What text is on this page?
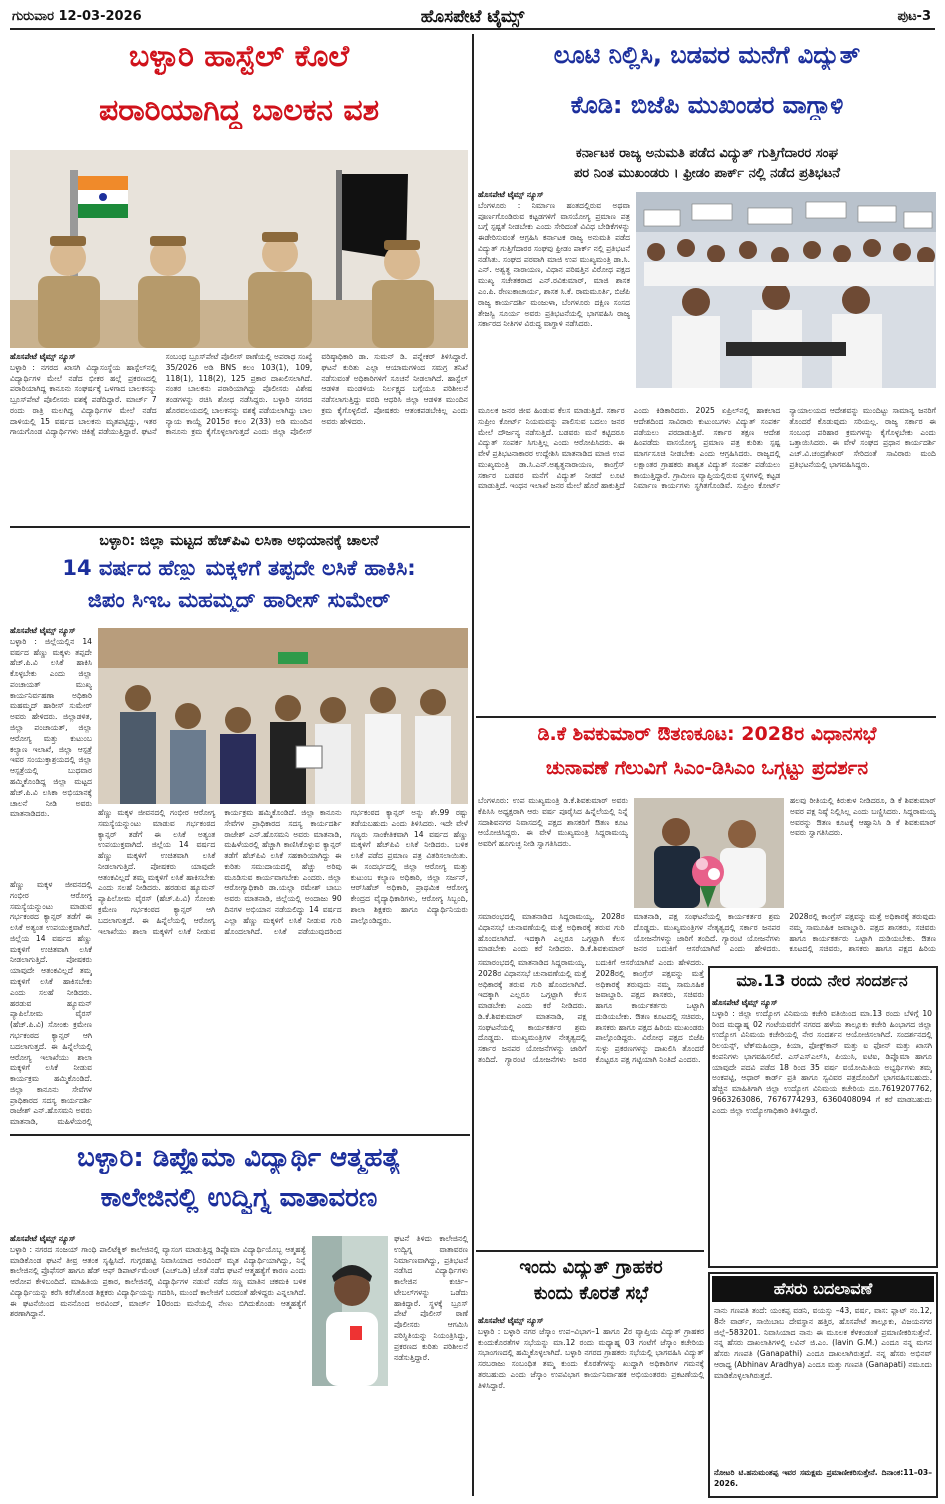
ಗುರುವಾರ 12-03-2026	ಹೊಸಪೇಟೆ ಟೈಮ್ಸ್	ಪುಟ-3
ಬಳ್ಳಾರಿ ಹಾಸ್ಟೆಲ್ ಕೊಲೆ
ಪರಾರಿಯಾಗಿದ್ದ ಬಾಲಕನ ವಶ
ಹೊಸಪೇಟೆ ಟೈಮ್ಸ್ ನ್ಯೂಸ್
ಬಳ್ಳಾರಿ : ನಗರದ ಖಾಸಗಿ ವಿದ್ಯಾಸಂಸ್ಥೆಯ ಹಾಸ್ಟೆಲ್‌ನಲ್ಲಿ ವಿದ್ಯಾರ್ಥಿಗಳ ಮೇಲೆ ನಡೆದ ಭೀಕರ ಹಲ್ಲೆ ಪ್ರಕರಣದಲ್ಲಿ ಪರಾರಿಯಾಗಿದ್ದ ಕಾನೂನು ಸಂಘರ್ಷಕ್ಕೆ ಒಳಗಾದ ಬಾಲಕನನ್ನು ಬ್ರೂಸ್‌ಪೇಟೆ ಪೊಲೀಸರು ವಶಕ್ಕೆ ಪಡೆದಿದ್ದಾರೆ. ಮಾರ್ಚ್ 7 ರಂದು ರಾತ್ರಿ ಮಲಗಿದ್ದ ವಿದ್ಯಾರ್ಥಿಗಳ ಮೇಲೆ ನಡೆದ ದಾಳಿಯಲ್ಲಿ 15 ವರ್ಷದ ಬಾಲಕನು ಮೃತಪಟ್ಟಿದ್ದು, ಇತರ ಗಾಯಗೊಂಡ ವಿದ್ಯಾರ್ಥಿಗಳು ಚಿಕಿತ್ಸೆ ಪಡೆಯುತ್ತಿದ್ದಾರೆ. ಘಟನೆ ಸಂಬಂಧ ಬ್ರೂಸ್‌ಪೇಟೆ ಪೊಲೀಸ್ ಠಾಣೆಯಲ್ಲಿ ಅಪರಾಧ ಸಂಖ್ಯೆ 35/2026 ಅಡಿ BNS ಕಲಂ 103(1), 109, 118(1), 118(2), 125 ಪ್ರಕಾರ ದಾಖಲಿಸಲಾಗಿದೆ. ನಂತರ ಬಾಲಕನು ಪರಾರಿಯಾಗಿದ್ದು ಪೊಲೀಸರು ವಿಶೇಷ ತಂಡಗಳನ್ನು ರಚಿಸಿ ಶೋಧ ನಡೆಸಿದ್ದರು. ಬಳ್ಳಾರಿ ನಗರದ ಹೊರವಲಯದಲ್ಲಿ ಬಾಲಕನನ್ನು ವಶಕ್ಕೆ ಪಡೆಯಲಾಗಿದ್ದು ಬಾಲ ನ್ಯಾಯ ಕಾಯ್ದೆ 2015ರ ಕಲಂ 2(33) ಅಡಿ ಮುಂದಿನ ಕಾನೂನು ಕ್ರಮ ಕೈಗೊಳ್ಳಲಾಗುತ್ತದೆ ಎಂದು ಜಿಲ್ಲಾ ಪೊಲೀಸ್ ವರಿಷ್ಠಾಧಿಕಾರಿ ಡಾ. ಸುಮನ್ ಡಿ. ಪನ್ನೇಕರ್ ತಿಳಿಸಿದ್ದಾರೆ. ಘಟನೆ ಕುರಿತು ಎಲ್ಲಾ ಆಯಾಮಗಳಿಂದ ಸಮಗ್ರ ತನಿಖೆ ನಡೆಸುವಂತೆ ಅಧಿಕಾರಿಗಳಿಗೆ ಸೂಚನೆ ನೀಡಲಾಗಿದೆ. ಹಾಸ್ಟೆಲ್ ಆಡಳಿತ ಮಂಡಳಿಯ ನಿರ್ಲಕ್ಷ್ಯದ ಬಗ್ಗೆಯೂ ಪರಿಶೀಲನೆ ನಡೆಸಲಾಗುತ್ತಿದ್ದು ವರದಿ ಆಧರಿಸಿ ಜಿಲ್ಲಾ ಆಡಳಿತ ಮುಂದಿನ ಕ್ರಮ ಕೈಗೊಳ್ಳಲಿದೆ. ಪೋಷಕರು ಆತಂಕಪಡಬೇಕಿಲ್ಲ ಎಂದು ಅವರು ಹೇಳಿದರು.
ಬಳ್ಳಾರಿ: ಜಿಲ್ಲಾ ಮಟ್ಟದ ಹೆಚ್‌ಪಿವಿ ಲಸಿಕಾ ಅಭಿಯಾನಕ್ಕೆ ಚಾಲನೆ
14 ವರ್ಷದ ಹೆಣ್ಣು ಮಕ್ಕಳಿಗೆ ತಪ್ಪದೇ ಲಸಿಕೆ ಹಾಕಿಸಿ:
ಜಿಪಂ ಸಿಇಒ ಮಹಮ್ಮದ್ ಹಾರೀಸ್ ಸುಮೇರ್
ಹೊಸಪೇಟೆ ಟೈಮ್ಸ್ ನ್ಯೂಸ್
ಬಳ್ಳಾರಿ : ಜಿಲ್ಲೆಯಲ್ಲಿನ 14 ವರ್ಷದ ಹೆಣ್ಣು ಮಕ್ಕಳು ತಪ್ಪದೇ ಹೆಚ್.ಪಿ.ವಿ ಲಸಿಕೆ ಹಾಕಿಸಿ ಕೊಳ್ಳಬೇಕು ಎಂದು ಜಿಲ್ಲಾ ಪಂಚಾಯತ್ ಮುಖ್ಯ ಕಾರ್ಯನಿರ್ವಹಣಾ ಅಧಿಕಾರಿ ಮಹಮ್ಮದ್ ಹಾರೀಸ್ ಸುಮೇರ್ ಅವರು ಹೇಳಿದರು. ಜಿಲ್ಲಾಡಳಿತ, ಜಿಲ್ಲಾ ಪಂಚಾಯತ್, ಜಿಲ್ಲಾ ಆರೋಗ್ಯ ಮತ್ತು ಕುಟುಂಬ ಕಲ್ಯಾಣ ಇಲಾಖೆ, ಜಿಲ್ಲಾ ಆಸ್ಪತ್ರೆ ಇವರ ಸಂಯುಕ್ತಾಶ್ರಯದಲ್ಲಿ ಜಿಲ್ಲಾ ಆಸ್ಪತ್ರೆಯಲ್ಲಿ ಬುಧವಾರ ಹಮ್ಮಿಕೊಂಡಿದ್ದ ಜಿಲ್ಲಾ ಮಟ್ಟದ ಹೆಚ್.ಪಿ.ವಿ ಲಸಿಕಾ ಅಭಿಯಾನಕ್ಕೆ ಚಾಲನೆ ನೀಡಿ ಅವರು ಮಾತನಾಡಿದರು.	ಹೆಣ್ಣು ಮಕ್ಕಳ ಜೀವನದಲ್ಲಿ ಗಂಭೀರ ಆರೋಗ್ಯ ಸಮಸ್ಯೆಯನ್ನುಂಟು ಮಾಡುವ ಗರ್ಭಕಂಠದ ಕ್ಯಾನ್ಸರ್ ತಡೆಗೆ ಈ ಲಸಿಕೆ ಅತ್ಯಂತ ಉಪಯುಕ್ತವಾಗಿದೆ. ಜಿಲ್ಲೆಯ 14 ವರ್ಷದ ಹೆಣ್ಣು ಮಕ್ಕಳಿಗೆ ಉಚಿತವಾಗಿ ಲಸಿಕೆ ನೀಡಲಾಗುತ್ತಿದೆ. ಪೋಷಕರು ಯಾವುದೇ ಆತಂಕವಿಲ್ಲದೆ ತಮ್ಮ ಮಕ್ಕಳಿಗೆ ಲಸಿಕೆ ಹಾಕಿಸಬೇಕು ಎಂದು ಸಲಹೆ ನೀಡಿದರು. ಹರಡುವ ಹ್ಯೂಮನ್ ಪ್ಯಾಪಿಲೋಮ ವೈರಸ್ (ಹೆಚ್.ಪಿ.ವಿ) ಸೋಂಕು ಕ್ರಮೇಣ ಗರ್ಭಕಂಠದ ಕ್ಯಾನ್ಸರ್ ಆಗಿ ಬದಲಾಗುತ್ತದೆ. ಈ ಹಿನ್ನೆಲೆಯಲ್ಲಿ ಆರೋಗ್ಯ ಇಲಾಖೆಯು ಶಾಲಾ ಮಕ್ಕಳಿಗೆ ಲಸಿಕೆ ನೀಡುವ ಕಾರ್ಯಕ್ರಮ ಹಮ್ಮಿಕೊಂಡಿದೆ. ಜಿಲ್ಲಾ ಕಾನೂನು ಸೇವೆಗಳ ಪ್ರಾಧಿಕಾರದ ಸದಸ್ಯ ಕಾರ್ಯದರ್ಶಿ ರಾಜೇಶ್ ಎನ್.ಹೊಸಮನಿ ಅವರು ಮಾತನಾಡಿ, ಮಹಿಳೆಯರಲ್ಲಿ ಹೆಚ್ಚಾಗಿ ಕಾಣಿಸಿಕೊಳ್ಳುವ ಕ್ಯಾನ್ಸರ್ ತಡೆಗೆ ಹೆಚ್‌ಪಿವಿ ಲಸಿಕೆ ಸಹಕಾರಿಯಾಗಿದ್ದು ಈ ಕುರಿತು ಸಮುದಾಯದಲ್ಲಿ ಹೆಚ್ಚು ಅರಿವು ಮೂಡಿಸುವ ಕಾರ್ಯವಾಗಬೇಕು ಎಂದರು. ಜಿಲ್ಲಾ ಆರೋಗ್ಯಾಧಿಕಾರಿ ಡಾ.ಯಲ್ಲಾ ರಮೇಶ್ ಬಾಬು ಅವರು ಮಾತನಾಡಿ, ಜಿಲ್ಲೆಯಲ್ಲಿ ಅಂದಾಜು 90 ದಿನಗಳ ಅಭಿಯಾನ ನಡೆಯಲಿದ್ದು 14 ವರ್ಷದ ಎಲ್ಲಾ ಹೆಣ್ಣು ಮಕ್ಕಳಿಗೆ ಲಸಿಕೆ ನೀಡುವ ಗುರಿ ಹೊಂದಲಾಗಿದೆ. ಲಸಿಕೆ ಪಡೆಯುವುದರಿಂದ ಗರ್ಭಕಂಠದ ಕ್ಯಾನ್ಸರ್ ಅನ್ನು ಶೇ.99 ರಷ್ಟು ತಡೆಯಬಹುದು ಎಂದು ತಿಳಿಸಿದರು. ಇದೇ ವೇಳೆ ಗಣ್ಯರು ಸಾಂಕೇತಿಕವಾಗಿ 14 ವರ್ಷದ ಹೆಣ್ಣು ಮಕ್ಕಳಿಗೆ ಹೆಚ್‌ಪಿವಿ ಲಸಿಕೆ ನೀಡಿದರು. ಬಳಿಕ ಲಸಿಕೆ ಪಡೆದ ಪ್ರಮಾಣ ಪತ್ರ ವಿತರಿಸಲಾಯಿತು. ಈ ಸಂದರ್ಭದಲ್ಲಿ ಜಿಲ್ಲಾ ಆರೋಗ್ಯ ಮತ್ತು ಕುಟುಂಬ ಕಲ್ಯಾಣ ಅಧಿಕಾರಿ, ಜಿಲ್ಲಾ ಸರ್ಜನ್, ಆರ್‌ಸಿಹೆಚ್ ಅಧಿಕಾರಿ, ಪ್ರಾಥಮಿಕ ಆರೋಗ್ಯ ಕೇಂದ್ರದ ವೈದ್ಯಾಧಿಕಾರಿಗಳು, ಆರೋಗ್ಯ ಸಿಬ್ಬಂದಿ, ಶಾಲಾ ಶಿಕ್ಷಕರು ಹಾಗೂ ವಿದ್ಯಾರ್ಥಿನಿಯರು ಪಾಲ್ಗೊಂಡಿದ್ದರು.
ಹೆಣ್ಣು ಮಕ್ಕಳ ಜೀವನದಲ್ಲಿ ಗಂಭೀರ ಆರೋಗ್ಯ ಸಮಸ್ಯೆಯನ್ನುಂಟು ಮಾಡುವ ಗರ್ಭಕಂಠದ ಕ್ಯಾನ್ಸರ್ ತಡೆಗೆ ಈ ಲಸಿಕೆ ಅತ್ಯಂತ ಉಪಯುಕ್ತವಾಗಿದೆ. ಜಿಲ್ಲೆಯ 14 ವರ್ಷದ ಹೆಣ್ಣು ಮಕ್ಕಳಿಗೆ ಉಚಿತವಾಗಿ ಲಸಿಕೆ ನೀಡಲಾಗುತ್ತಿದೆ. ಪೋಷಕರು ಯಾವುದೇ ಆತಂಕವಿಲ್ಲದೆ ತಮ್ಮ ಮಕ್ಕಳಿಗೆ ಲಸಿಕೆ ಹಾಕಿಸಬೇಕು ಎಂದು ಸಲಹೆ ನೀಡಿದರು. ಹರಡುವ ಹ್ಯೂಮನ್ ಪ್ಯಾಪಿಲೋಮ ವೈರಸ್ (ಹೆಚ್.ಪಿ.ವಿ) ಸೋಂಕು ಕ್ರಮೇಣ ಗರ್ಭಕಂಠದ ಕ್ಯಾನ್ಸರ್ ಆಗಿ ಬದಲಾಗುತ್ತದೆ. ಈ ಹಿನ್ನೆಲೆಯಲ್ಲಿ ಆರೋಗ್ಯ ಇಲಾಖೆಯು ಶಾಲಾ ಮಕ್ಕಳಿಗೆ ಲಸಿಕೆ ನೀಡುವ ಕಾರ್ಯಕ್ರಮ ಹಮ್ಮಿಕೊಂಡಿದೆ. ಜಿಲ್ಲಾ ಕಾನೂನು ಸೇವೆಗಳ ಪ್ರಾಧಿಕಾರದ ಸದಸ್ಯ ಕಾರ್ಯದರ್ಶಿ ರಾಜೇಶ್ ಎನ್.ಹೊಸಮನಿ ಅವರು ಮಾತನಾಡಿ, ಮಹಿಳೆಯರಲ್ಲಿ
ಬಳ್ಳಾರಿ: ಡಿಪ್ಲೊಮಾ ವಿದ್ಯಾರ್ಥಿ ಆತ್ಮಹತ್ಯೆ
ಕಾಲೇಜಿನಲ್ಲಿ ಉದ್ವಿಗ್ನ ವಾತಾವರಣ
ಹೊಸಪೇಟೆ ಟೈಮ್ಸ್ ನ್ಯೂಸ್
ಬಳ್ಳಾರಿ : ನಗರದ ಸಂಜಯ್ ಗಾಂಧಿ ಪಾಲಿಟೆಕ್ನಿಕ್ ಕಾಲೇಜಿನಲ್ಲಿ ವ್ಯಾಸಂಗ ಮಾಡುತ್ತಿದ್ದ ಡಿಪ್ಲೊಮಾ ವಿದ್ಯಾರ್ಥಿಯೊಬ್ಬ ಆತ್ಮಹತ್ಯೆ ಮಾಡಿಕೊಂಡ ಘಟನೆ ತೀವ್ರ ಆತಂಕ ಸೃಷ್ಟಿಸಿದೆ. ಗುಗ್ಗರಹಟ್ಟಿ ನಿವಾಸಿಯಾದ ಅರವಿಂದ್ ಮೃತ ವಿದ್ಯಾರ್ಥಿಯಾಗಿದ್ದು, ನಿನ್ನೆ ಕಾಲೇಜಿನಲ್ಲಿ ಪ್ರೊಫೆಸರ್ ಹಾಗೂ ಹೆಡ್ ಆಫ್ ಡಿಪಾರ್ಟ್‌ಮೆಂಟ್ (ಎಚ್‌ಒಡಿ) ಜೊತೆ ನಡೆದ ಘಟನೆ ಆತ್ಮಹತ್ಯೆಗೆ ಕಾರಣ ಎಂದು ಆರೋಪ ಕೇಳಿಬಂದಿದೆ. ಮಾಹಿತಿಯ ಪ್ರಕಾರ, ಕಾಲೇಜಿನಲ್ಲಿ ವಿದ್ಯಾರ್ಥಿಗಳ ನಡುವೆ ನಡೆದ ಸಣ್ಣ ಮಾತಿನ ಚಕಮಕಿ ಬಳಿಕ ವಿದ್ಯಾರ್ಥಿಯನ್ನು ಕರೆಸಿ ಕರೆಸಿಕೊಂಡ ಶಿಕ್ಷಕರು ವಿದ್ಯಾರ್ಥಿಯನ್ನು ಗದರಿಸಿ, ಮುಂದೆ ಕಾಲೇಜಿಗೆ ಬರದಂತೆ ಹೇಳಿದ್ದರು ಎನ್ನಲಾಗಿದೆ. ಈ ಘಟನೆಯಿಂದ ಮನನೊಂದ ಅರವಿಂದ್, ಮಾರ್ಚ್ 10ರಂದು ಮನೆಯಲ್ಲಿ ನೇಣು ಬಿಗಿದುಕೊಂಡು ಆತ್ಮಹತ್ಯೆಗೆ ಶರಣಾಗಿದ್ದಾನೆ.
ಘಟನೆ ತಿಳಿದು ಕಾಲೇಜಿನಲ್ಲಿ ಉದ್ವಿಗ್ನ ವಾತಾವರಣ ನಿರ್ಮಾಣವಾಗಿದ್ದು, ಪ್ರತಿಭಟನೆ ನಡೆಸಿದ ವಿದ್ಯಾರ್ಥಿಗಳು ಕಾಲೇಜಿನ ಕುರ್ಚಿ–ಟೇಬಲ್‌ಗಳನ್ನು ಒಡೆದು ಹಾಕಿದ್ದಾರೆ. ಸ್ಥಳಕ್ಕೆ ಬ್ರೂಸ್ ಪೇಟೆ ಪೊಲೀಸ್ ಠಾಣೆ ಪೊಲೀಸರು ಆಗಮಿಸಿ ಪರಿಸ್ಥಿತಿಯನ್ನು ನಿಯಂತ್ರಿಸಿದ್ದು, ಪ್ರಕರಣದ ಕುರಿತು ಪರಿಶೀಲನೆ ನಡೆಸುತ್ತಿದ್ದಾರೆ.
ಲೂಟಿ ನಿಲ್ಲಿಸಿ, ಬಡವರ ಮನೆಗೆ ವಿದ್ಯುತ್
ಕೊಡಿ: ಬಿಜೆಪಿ ಮುಖಂಡರ ವಾಗ್ದಾಳಿ
ಕರ್ನಾಟಕ ರಾಜ್ಯ ಅನುಮತಿ ಪಡೆದ ವಿದ್ಯುತ್ ಗುತ್ತಿಗೆದಾರರ ಸಂಘ
ಪರ ನಿಂತ ಮುಖಂಡರು । ಫ್ರೀಡಂ ಪಾರ್ಕ್ ನಲ್ಲಿ ನಡೆದ ಪ್ರತಿಭಟನೆ
ಹೊಸಪೇಟೆ ಟೈಮ್ಸ್ ನ್ಯೂಸ್
ಬೆಂಗಳೂರು : ನಿರ್ಮಾಣ ಹಂತದಲ್ಲಿರುವ ಅಥವಾ ಪೂರ್ಣಗೊಂಡಿರುವ ಕಟ್ಟಡಗಳಿಗೆ ವಾಸಯೋಗ್ಯ ಪ್ರಮಾಣ ಪತ್ರ ಬಗ್ಗೆ ಸ್ಪಷ್ಟತೆ ನೀಡಬೇಕು ಎಂದು ಸೇರಿದಂತೆ ವಿವಿಧ ಬೇಡಿಕೆಗಳನ್ನು ಈಡೇರಿಸುವಂತೆ ಆಗ್ರಹಿಸಿ ಕರ್ನಾಟಕ ರಾಜ್ಯ ಅನುಮತಿ ಪಡೆದ ವಿದ್ಯುತ್ ಗುತ್ತಿಗೆದಾರರ ಸಂಘವು ಫ್ರೀಡಂ ಪಾರ್ಕ್ ನಲ್ಲಿ ಪ್ರತಿಭಟನೆ ನಡೆಸಿತು. ಸಂಘದ ಪರವಾಗಿ ಮಾಜಿ ಉಪ ಮುಖ್ಯಮಂತ್ರಿ ಡಾ.ಸಿ. ಎನ್. ಅಶ್ವತ್ಥ ನಾರಾಯಣ, ವಿಧಾನ ಪರಿಷತ್ತಿನ ವಿರೋಧ ಪಕ್ಷದ ಮುಖ್ಯ ಸಚೇತಕರಾದ ಎನ್.ರವಿಕುಮಾರ್, ಮಾಜಿ ಶಾಸಕ ಎಂ.ಪಿ. ರೇಣುಕಾಚಾರ್ಯ, ಶಾಸಕ ಸಿ.ಕೆ. ರಾಮಮೂರ್ತಿ, ಬಿಜೆಪಿ ರಾಜ್ಯ ಕಾರ್ಯದರ್ಶಿ ಮಂಜುಳಾ, ಬೆಂಗಳೂರು ದಕ್ಷಿಣ ಸಂಸದ ತೇಜಸ್ವಿ ಸೂರ್ಯ ಅವರು ಪ್ರತಿಭಟನೆಯಲ್ಲಿ ಭಾಗವಹಿಸಿ ರಾಜ್ಯ ಸರ್ಕಾರದ ನೀತಿಗಳ ವಿರುದ್ಧ ವಾಗ್ದಾಳಿ ನಡೆಸಿದರು.
ಮೂಲಕ ಜನರ ಜೀವ ಹಿಂಡುವ ಕೆಲಸ ಮಾಡುತ್ತಿದೆ. ಸರ್ಕಾರ ಸುಪ್ರೀಂ ಕೋರ್ಟ್ ನಿಯಮವನ್ನು ಪಾಲಿಸುವ ಬದಲು ಜನರ ಮೇಲೆ ದೌರ್ಜನ್ಯ ನಡೆಸುತ್ತಿದೆ. ಬಡವರು ಮನೆ ಕಟ್ಟಿದರೂ ವಿದ್ಯುತ್ ಸಂಪರ್ಕ ಸಿಗುತ್ತಿಲ್ಲ ಎಂದು ಆರೋಪಿಸಿದರು. ಈ ವೇಳೆ ಪ್ರತಿಭಟನಾಕಾರರ ಉದ್ದೇಶಿಸಿ ಮಾತನಾಡಿದ ಮಾಜಿ ಉಪ ಮುಖ್ಯಮಂತ್ರಿ ಡಾ.ಸಿ.ಎನ್.ಅಶ್ವತ್ಥನಾರಾಯಣ, ಕಾಂಗ್ರೆಸ್ ಸರ್ಕಾರ ಬಡವರ ಮನೆಗೆ ವಿದ್ಯುತ್ ನೀಡದೆ ಲೂಟಿ ಮಾಡುತ್ತಿದೆ. ಇಂಧನ ಇಲಾಖೆ ಜನರ ಮೇಲೆ ಹೊರೆ ಹಾಕುತ್ತಿದೆ ಎಂದು ಕಿಡಿಕಾರಿದರು. 2025 ಏಪ್ರಿಲ್‌ನಲ್ಲಿ ಹಾಕಲಾದ ಆದೇಶದಿಂದ ಸಾವಿರಾರು ಕುಟುಂಬಗಳು ವಿದ್ಯುತ್ ಸಂಪರ್ಕ ಪಡೆಯಲು ಪರದಾಡುತ್ತಿವೆ. ಸರ್ಕಾರ ತಕ್ಷಣ ಆದೇಶ ಹಿಂಪಡೆದು ವಾಸಯೋಗ್ಯ ಪ್ರಮಾಣ ಪತ್ರ ಕುರಿತು ಸ್ಪಷ್ಟ ಮಾರ್ಗಸೂಚಿ ನೀಡಬೇಕು ಎಂದು ಆಗ್ರಹಿಸಿದರು. ರಾಜ್ಯದಲ್ಲಿ ಲಕ್ಷಾಂತರ ಗ್ರಾಹಕರು ಶಾಶ್ವತ ವಿದ್ಯುತ್ ಸಂಪರ್ಕ ಪಡೆಯಲು ಕಾಯುತ್ತಿದ್ದಾರೆ. ಗ್ರಾಮೀಣ ವ್ಯಾಪ್ತಿಯಲ್ಲಿರುವ ಸ್ಥಳಗಳಲ್ಲಿ ಕಟ್ಟಡ ನಿರ್ಮಾಣ ಕಾರ್ಯಗಳು ಸ್ಥಗಿತಗೊಂಡಿವೆ. ಸುಪ್ರೀಂ ಕೋರ್ಟ್ ನ್ಯಾಯಾಲಯದ ಆದೇಶವನ್ನು ಮುಂದಿಟ್ಟು ಸಾಮಾನ್ಯ ಜನರಿಗೆ ತೊಂದರೆ ಕೊಡುವುದು ಸರಿಯಲ್ಲ. ರಾಜ್ಯ ಸರ್ಕಾರ ಈ ಸಂಬಂಧ ಪರಿಹಾರ ಕ್ರಮಗಳನ್ನು ಕೈಗೊಳ್ಳಬೇಕು ಎಂದು ಒತ್ತಾಯಿಸಿದರು. ಈ ವೇಳೆ ಸಂಘದ ಪ್ರಧಾನ ಕಾರ್ಯದರ್ಶಿ ಎಚ್.ವಿ.ಚಂದ್ರಶೇಖರ್ ಸೇರಿದಂತೆ ಸಾವಿರಾರು ಮಂದಿ ಪ್ರತಿಭಟನೆಯಲ್ಲಿ ಭಾಗವಹಿಸಿದ್ದರು.
ಡಿ.ಕೆ ಶಿವಕುಮಾರ್ ಔತಣಕೂಟ: 2028ರ ವಿಧಾನಸಭೆ
ಚುನಾವಣೆ ಗೆಲುವಿಗೆ ಸಿಎಂ-ಡಿಸಿಎಂ ಒಗ್ಗಟ್ಟು ಪ್ರದರ್ಶನ
ಬೆಂಗಳೂರು: ಉಪ ಮುಖ್ಯಮಂತ್ರಿ ಡಿ.ಕೆ.ಶಿವಕುಮಾರ್ ಅವರು ಕೆಪಿಸಿಸಿ ಅಧ್ಯಕ್ಷರಾಗಿ ಆರು ವರ್ಷ ಪೂರೈಸಿದ ಹಿನ್ನೆಲೆಯಲ್ಲಿ ನಿನ್ನೆ ಸದಾಶಿವನಗರ ನಿವಾಸದಲ್ಲಿ ಪಕ್ಷದ ಶಾಸಕರಿಗೆ ಔತಣ ಕೂಟ ಆಯೋಜಿಸಿದ್ದರು. ಈ ವೇಳೆ ಮುಖ್ಯಮಂತ್ರಿ ಸಿದ್ದರಾಮಯ್ಯ ಅವರಿಗೆ ಹೂಗುಚ್ಛ ನೀಡಿ ಸ್ವಾಗತಿಸಿದರು.
ಹಲವು ರೀತಿಯಲ್ಲಿ ಕಿರುಕುಳ ನೀಡಿದರೂ, ಡಿ ಕೆ ಶಿವಕುಮಾರ್ ಅವರ ಪಕ್ಷ ನಿಷ್ಠೆ ನಿಲ್ಲಿಸಿಲ್ಲ ಎಂದು ಬಣ್ಣಿಸಿದರು. ಸಿದ್ದರಾಮಯ್ಯ ಅವರನ್ನು ಔತಣ ಕೂಟಕ್ಕೆ ಆಹ್ವಾನಿಸಿ ಡಿ ಕೆ ಶಿವಕುಮಾರ್ ಅವರು ಸ್ವಾಗತಿಸಿದರು.
ಸಮಾರಂಭದಲ್ಲಿ ಮಾತನಾಡಿದ ಸಿದ್ದರಾಮಯ್ಯ, 2028ರ ವಿಧಾನಸಭೆ ಚುನಾವಣೆಯಲ್ಲಿ ಮತ್ತೆ ಅಧಿಕಾರಕ್ಕೆ ತರುವ ಗುರಿ ಹೊಂದಲಾಗಿದೆ. ಇದಕ್ಕಾಗಿ ಎಲ್ಲರೂ ಒಗ್ಗಟ್ಟಾಗಿ ಕೆಲಸ ಮಾಡಬೇಕು ಎಂದು ಕರೆ ನೀಡಿದರು. ಡಿ.ಕೆ.ಶಿವಕುಮಾರ್ ಮಾತನಾಡಿ, ಪಕ್ಷ ಸಂಘಟನೆಯಲ್ಲಿ ಕಾರ್ಯಕರ್ತರ ಶ್ರಮ ದೊಡ್ಡದು. ಮುಖ್ಯಮಂತ್ರಿಗಳ ನೇತೃತ್ವದಲ್ಲಿ ಸರ್ಕಾರ ಜನಪರ ಯೋಜನೆಗಳನ್ನು ಜಾರಿಗೆ ತಂದಿದೆ. ಗ್ಯಾರಂಟಿ ಯೋಜನೆಗಳು ಜನರ ಬದುಕಿಗೆ ಆಸರೆಯಾಗಿವೆ ಎಂದು ಹೇಳಿದರು. 2028ರಲ್ಲಿ ಕಾಂಗ್ರೆಸ್ ಪಕ್ಷವನ್ನು ಮತ್ತೆ ಅಧಿಕಾರಕ್ಕೆ ತರುವುದು ನಮ್ಮ ಸಾಮೂಹಿಕ ಜವಾಬ್ದಾರಿ. ಪಕ್ಷದ ಶಾಸಕರು, ಸಚಿವರು ಹಾಗೂ ಕಾರ್ಯಕರ್ತರು ಒಟ್ಟಾಗಿ ದುಡಿಯಬೇಕು. ಔತಣ ಕೂಟದಲ್ಲಿ ಸಚಿವರು, ಶಾಸಕರು ಹಾಗೂ ಪಕ್ಷದ ಹಿರಿಯ
ಸಮಾರಂಭದಲ್ಲಿ ಮಾತನಾಡಿದ ಸಿದ್ದರಾಮಯ್ಯ, 2028ರ ವಿಧಾನಸಭೆ ಚುನಾವಣೆಯಲ್ಲಿ ಮತ್ತೆ ಅಧಿಕಾರಕ್ಕೆ ತರುವ ಗುರಿ ಹೊಂದಲಾಗಿದೆ. ಇದಕ್ಕಾಗಿ ಎಲ್ಲರೂ ಒಗ್ಗಟ್ಟಾಗಿ ಕೆಲಸ ಮಾಡಬೇಕು ಎಂದು ಕರೆ ನೀಡಿದರು. ಡಿ.ಕೆ.ಶಿವಕುಮಾರ್ ಮಾತನಾಡಿ, ಪಕ್ಷ ಸಂಘಟನೆಯಲ್ಲಿ ಕಾರ್ಯಕರ್ತರ ಶ್ರಮ ದೊಡ್ಡದು. ಮುಖ್ಯಮಂತ್ರಿಗಳ ನೇತೃತ್ವದಲ್ಲಿ ಸರ್ಕಾರ ಜನಪರ ಯೋಜನೆಗಳನ್ನು ಜಾರಿಗೆ ತಂದಿದೆ. ಗ್ಯಾರಂಟಿ ಯೋಜನೆಗಳು ಜನರ ಬದುಕಿಗೆ ಆಸರೆಯಾಗಿವೆ ಎಂದು ಹೇಳಿದರು. 2028ರಲ್ಲಿ ಕಾಂಗ್ರೆಸ್ ಪಕ್ಷವನ್ನು ಮತ್ತೆ ಅಧಿಕಾರಕ್ಕೆ ತರುವುದು ನಮ್ಮ ಸಾಮೂಹಿಕ ಜವಾಬ್ದಾರಿ. ಪಕ್ಷದ ಶಾಸಕರು, ಸಚಿವರು ಹಾಗೂ ಕಾರ್ಯಕರ್ತರು ಒಟ್ಟಾಗಿ ದುಡಿಯಬೇಕು. ಔತಣ ಕೂಟದಲ್ಲಿ ಸಚಿವರು, ಶಾಸಕರು ಹಾಗೂ ಪಕ್ಷದ ಹಿರಿಯ ಮುಖಂಡರು ಪಾಲ್ಗೊಂಡಿದ್ದರು. ವಿರೋಧ ಪಕ್ಷದ ಬಿಜೆಪಿ ಸುಳ್ಳು ಪ್ರಕರಣಗಳನ್ನು ದಾಖಲಿಸಿ ತೊಂದರೆ ಕೊಟ್ಟರೂ ಪಕ್ಷ ಗಟ್ಟಿಯಾಗಿ ನಿಂತಿದೆ ಎಂದರು.
ಮಾ.13 ರಂದು ನೇರ ಸಂದರ್ಶನ
ಹೊಸಪೇಟೆ ಟೈಮ್ಸ್ ನ್ಯೂಸ್
ಬಳ್ಳಾರಿ : ಜಿಲ್ಲಾ ಉದ್ಯೋಗ ವಿನಿಮಯ ಕಚೇರಿ ವತಿಯಿಂದ ಮಾ.13 ರಂದು ಬೆಳಿಗ್ಗೆ 10 ರಿಂದ ಮಧ್ಯಾಹ್ನ 02 ಗಂಟೆಯವರೆಗೆ ನಗರದ ಹಳೆಯ ತಾಲ್ಲೂಕು ಕಚೇರಿ ಹಿಂಭಾಗದ ಜಿಲ್ಲಾ ಉದ್ಯೋಗ ವಿನಿಮಯ ಕಚೇರಿಯಲ್ಲಿ ನೇರ ಸಂದರ್ಶನ ಆಯೋಜಿಸಲಾಗಿದೆ. ಸಂದರ್ಶನದಲ್ಲಿ ರಿಲಯನ್ಸ್, ಟೆಕ್‌ಮಹಿಂದ್ರಾ, ಕಿಯಾ, ಫೋಕ್ಸ್‌ಕಾನ್ ಮತ್ತು ಐ ಫೋನ್ ಮತ್ತು ಖಾಸಗಿ ಕಂಪನಿಗಳು ಭಾಗವಹಿಸಲಿವೆ. ಎಸ್‌ಎಸ್‌ಎಲ್‌ಸಿ, ಪಿಯುಸಿ, ಐಟಿಐ, ಡಿಪ್ಲೊಮಾ ಹಾಗೂ ಯಾವುದೇ ಪದವಿ ಪಡೆದ 18 ರಿಂದ 35 ವರ್ಷ ವಯೋಮಿತಿಯ ಅಭ್ಯರ್ಥಿಗಳು ತಮ್ಮ ಅಂಕಪಟ್ಟಿ, ಆಧಾರ್ ಕಾರ್ಡ್ ಪ್ರತಿ ಹಾಗೂ ಸ್ವವಿವರ ಪತ್ರದೊಂದಿಗೆ ಭಾಗವಹಿಸಬಹುದು. ಹೆಚ್ಚಿನ ಮಾಹಿತಿಗಾಗಿ ಜಿಲ್ಲಾ ಉದ್ಯೋಗ ವಿನಿಮಯ ಕಚೇರಿಯ ದೂ.7619207762, 9663263086, 7676774293, 6360408094 ಗೆ ಕರೆ ಮಾಡಬಹುದು ಎಂದು ಜಿಲ್ಲಾ ಉದ್ಯೋಗಾಧಿಕಾರಿ ತಿಳಿಸಿದ್ದಾರೆ.
ಇಂದು ವಿದ್ಯುತ್ ಗ್ರಾಹಕರ
ಕುಂದು ಕೊರತೆ ಸಭೆ
ಹೊಸಪೇಟೆ ಟೈಮ್ಸ್ ನ್ಯೂಸ್
ಬಳ್ಳಾರಿ : ಬಳ್ಳಾರಿ ನಗರ ಜೆಸ್ಕಾಂ ಉಪ–ವಿಭಾಗ–1 ಹಾಗೂ 2ರ ವ್ಯಾಪ್ತಿಯ ವಿದ್ಯುತ್ ಗ್ರಾಹಕರ ಕುಂದುಕೊರತೆಗಳ ಸಭೆಯನ್ನು ಮಾ.12 ರಂದು ಮಧ್ಯಾಹ್ನ 03 ಗಂಟೆಗೆ ಜೆಸ್ಕಾಂ ಕಚೇರಿಯ ಸಭಾಂಗಣದಲ್ಲಿ ಹಮ್ಮಿಕೊಳ್ಳಲಾಗಿದೆ. ಬಳ್ಳಾರಿ ನಗರದ ಗ್ರಾಹಕರು ಸಭೆಯಲ್ಲಿ ಭಾಗವಹಿಸಿ ವಿದ್ಯುತ್ ಸರಬರಾಜು ಸಂಬಂಧಿತ ತಮ್ಮ ಕುಂದು ಕೊರತೆಗಳನ್ನು ಖುದ್ದಾಗಿ ಅಧಿಕಾರಿಗಳ ಗಮನಕ್ಕೆ ತರಬಹುದು ಎಂದು ಜೆಸ್ಕಾಂ ಉಪವಿಭಾಗ ಕಾರ್ಯನಿರ್ವಾಹಕ ಅಭಿಯಂತರರು ಪ್ರಕಟಣೆಯಲ್ಲಿ ತಿಳಿಸಿದ್ದಾರೆ.
ಹೆಸರು ಬದಲಾವಣೆ
ನಾನು ಗಣಪತಿ ತಂದೆ: ಯಂಕಪ್ಪ ವಡನಿ, ವಯಸ್ಸು –43, ವರ್ಷ, ವಾಸ: ಫ್ಲಾಟ್ ನಂ.12, 8ನೇ ವಾರ್ಡ್, ಸಾಯಿಬಾಬ ದೇವಸ್ಥಾನ ಹತ್ತಿರ, ಹೊಸಪೇಟೆ ತಾಲ್ಲೂಕು, ವಿಜಯನಗರ ಜಿಲ್ಲೆ–583201. ನಿವಾಸಿಯಾದ ನಾನು ಈ ಮೂಲಕ ಕೆಳಕಂಡಂತೆ ಪ್ರಮಾಣೀಕರಿಸುತ್ತೇನೆ. ನನ್ನ ಹೆಸರು ದಾಖಲಾತಿಗಳಲ್ಲಿ ಲವಿನ್ ಜಿ.ಎಂ. (lavin G.M.) ಎಂದೂ ನನ್ನ ಮಗನ ಹೆಸರು ಗಣಪತಿ (Ganapathi) ಎಂದೂ ದಾಖಲಾಗಿರುತ್ತದೆ. ನನ್ನ ಹೆಸರು ಅಭಿನವ್ ಆರಾಧ್ಯ (Abhinav Aradhya) ಎಂದೂ ಮತ್ತು ಗಣಪತಿ (Ganapati) ನಮೂದು ಮಾಡಿಕೊಳ್ಳಲಾಗಿರುತ್ತದೆ.
ನೋಟರಿ ಟಿ.ಹನುಮಂತಪ್ಪ ಇವರ ಸಮಕ್ಷಮ ಪ್ರಮಾಣೀಕರಿಸುತ್ತೇನೆ. ದಿನಾಂಕ:11–03–2026.
